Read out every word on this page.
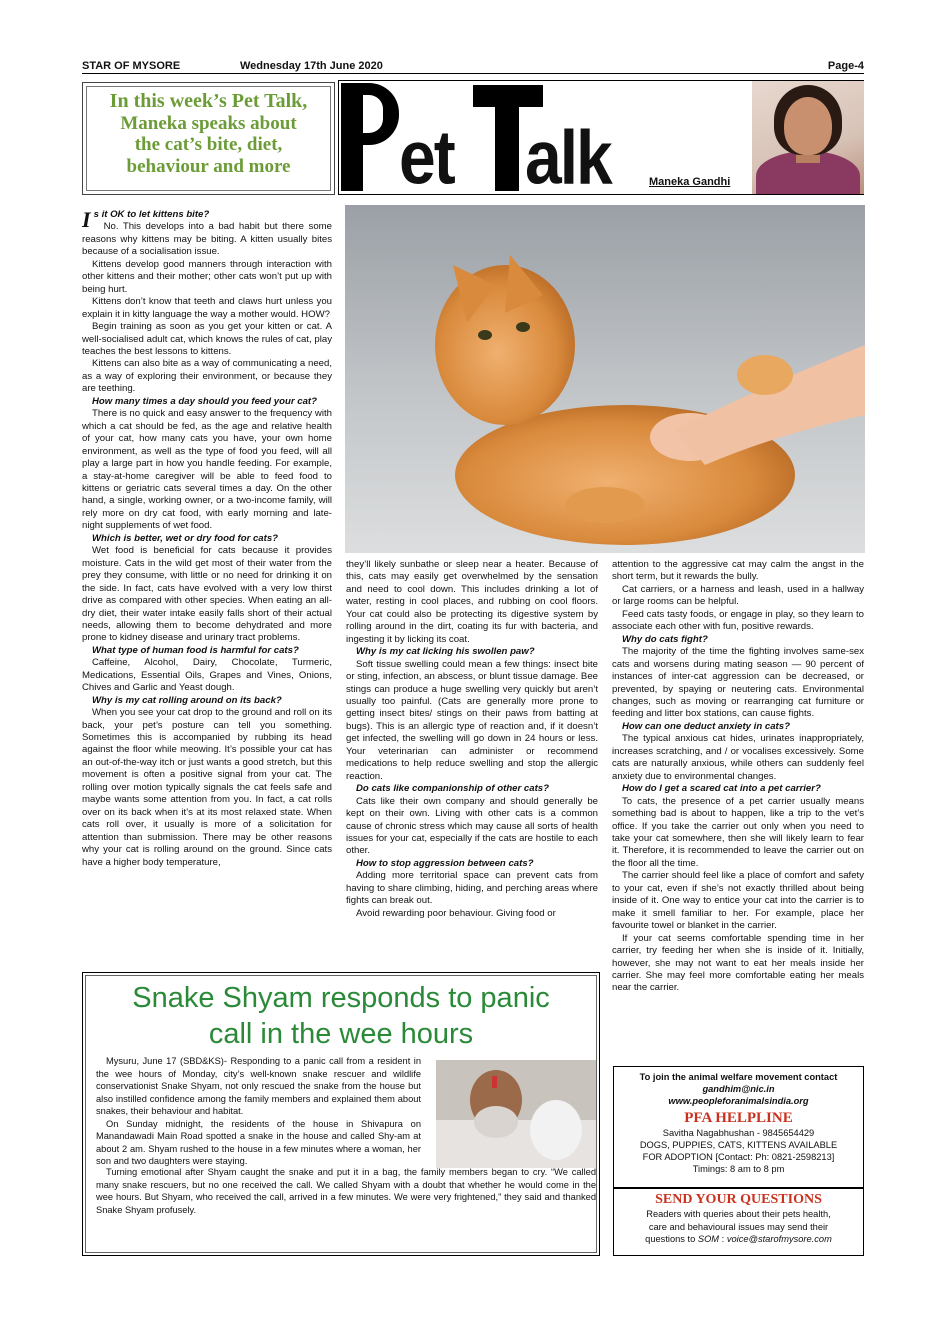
STAR OF MYSORE	Wednesday 17th June 2020	Page-4
In this week’s Pet Talk,
Maneka speaks about
the cat’s bite, diet,
behaviour and more	et alk	Maneka Gandhi

Is it OK to let kittens bite?

No. This develops into a bad habit but there some reasons why kittens may be biting. A kitten usually bites because of a socialisation issue.

Kittens develop good manners through interaction with other kittens and their mother; other cats won’t put up with being hurt.

Kittens don’t know that teeth and claws hurt unless you explain it in kitty language the way a mother would. HOW?

Begin training as soon as you get your kitten or cat. A well-socialised adult cat, which knows the rules of cat, play teaches the best lessons to kittens.

Kittens can also bite as a way of communicating a need, as a way of exploring their environment, or because they are teething.

How many times a day should you feed your cat?

There is no quick and easy answer to the frequency with which a cat should be fed, as the age and relative health of your cat, how many cats you have, your own home environment, as well as the type of food you feed, will all play a large part in how you handle feeding. For example, a stay-at-home caregiver will be able to feed food to kittens or geriatric cats several times a day. On the other hand, a single, working owner, or a two-income family, will rely more on dry cat food, with early morning and late-night supplements of wet food.

Which is better, wet or dry food for cats?

Wet food is beneficial for cats because it provides moisture. Cats in the wild get most of their water from the prey they consume, with little or no need for drinking it on the side. In fact, cats have evolved with a very low thirst drive as compared with other species. When eating an all-dry diet, their water intake easily falls short of their actual needs, allowing them to become dehydrated and more prone to kidney disease and urinary tract problems.

What type of human food is harmful for cats?

Caffeine, Alcohol, Dairy, Chocolate, Turmeric, Medications, Essential Oils, Grapes and Vines, Onions, Chives and Garlic and Yeast dough.

Why is my cat rolling around on its back?

When you see your cat drop to the ground and roll on its back, your pet’s posture can tell you something. Sometimes this is accompanied by rubbing its head against the floor while meowing. It’s possible your cat has an out-of-the-way itch or just wants a good stretch, but this movement is often a positive signal from your cat. The rolling over motion typically signals the cat feels safe and maybe wants some attention from you. In fact, a cat rolls over on its back when it’s at its most relaxed state. When cats roll over, it usually is more of a solicitation for attention than submission. There may be other reasons why your cat is rolling around on the ground. Since cats have a higher body temperature,

they’ll likely sunbathe or sleep near a heater. Because of this, cats may easily get overwhelmed by the sensation and need to cool down. This includes drinking a lot of water, resting in cool places, and rubbing on cool floors. Your cat could also be protecting its digestive system by rolling around in the dirt, coating its fur with bacteria, and ingesting it by licking its coat.

Why is my cat licking his swollen paw?

Soft tissue swelling could mean a few things: insect bite or sting, infection, an abscess, or blunt tissue damage. Bee stings can produce a huge swelling very quickly but aren’t usually too painful. (Cats are generally more prone to getting insect bites/ stings on their paws from batting at bugs). This is an allergic type of reaction and, if it doesn’t get infected, the swelling will go down in 24 hours or less. Your veterinarian can administer or recommend medications to help reduce swelling and stop the allergic reaction.

Do cats like companionship of other cats?

Cats like their own company and should generally be kept on their own. Living with other cats is a common cause of chronic stress which may cause all sorts of health issues for your cat, especially if the cats are hostile to each other.

How to stop aggression between cats?

Adding more territorial space can prevent cats from having to share climbing, hiding, and perching areas where fights can break out.

Avoid rewarding poor behaviour. Giving food or

attention to the aggressive cat may calm the angst in the short term, but it rewards the bully.

Cat carriers, or a harness and leash, used in a hallway or large rooms can be helpful.

Feed cats tasty foods, or engage in play, so they learn to associate each other with fun, positive rewards.

Why do cats fight?

The majority of the time the fighting involves same-sex cats and worsens during mating season — 90 percent of instances of inter-cat aggression can be decreased, or prevented, by spaying or neutering cats. Environmental changes, such as moving or rearranging cat furniture or feeding and litter box stations, can cause fights.

How can one deduct anxiety in cats?

The typical anxious cat hides, urinates inappropriately, increases scratching, and / or vocalises excessively. Some cats are naturally anxious, while others can suddenly feel anxiety due to environmental changes.

How do I get a scared cat into a pet carrier?

To cats, the presence of a pet carrier usually means something bad is about to happen, like a trip to the vet’s office. If you take the carrier out only when you need to take your cat somewhere, then she will likely learn to fear it. Therefore, it is recommended to leave the carrier out on the floor all the time.

The carrier should feel like a place of comfort and safety to your cat, even if she’s not exactly thrilled about being inside of it. One way to entice your cat into the carrier is to make it smell familiar to her. For example, place her favourite towel or blanket in the carrier.

If your cat seems comfortable spending time in her carrier, try feeding her when she is inside of it. Initially, however, she may not want to eat her meals inside her carrier. She may feel more comfortable eating her meals near the carrier.

Snake Shyam responds to panic
call in the wee hours

Mysuru, June 17 (SBD&KS)- Responding to a panic call from a resident in the wee hours of Monday, city’s well-known snake rescuer and wildlife conservationist Snake Shyam, not only rescued the snake from the house but also instilled confidence among the family members and explained them about snakes, their behaviour and habitat.

On Sunday midnight, the residents of the house in Shivapura on Manandawadi Main Road spotted a snake in the house and called Shy-am at about 2 am. Shyam rushed to the house in a few minutes where a woman, her son and two daughters were staying.

Turning emotional after Shyam caught the snake and put it in a bag, the family members began to cry. “We called many snake rescuers, but no one received the call. We called Shyam with a doubt that whether he would come in the wee hours. But Shyam, who received the call, arrived in a few minutes. We were very frightened,” they said and thanked Snake Shyam profusely.
To join the animal welfare movement contact
gandhim@nic.in
www.peopleforanimalsindia.org
PFA HELPLINE
Savitha Nagabhushan - 9845654429
DOGS, PUPPIES, CATS, KITTENS AVAILABLE
FOR ADOPTION [Contact: Ph: 0821-2598213]
Timings: 8 am to 8 pm
SEND YOUR QUESTIONS
Readers with queries about their pets health,
care and behavioural issues may send their
questions to SOM : voice@starofmysore.com
